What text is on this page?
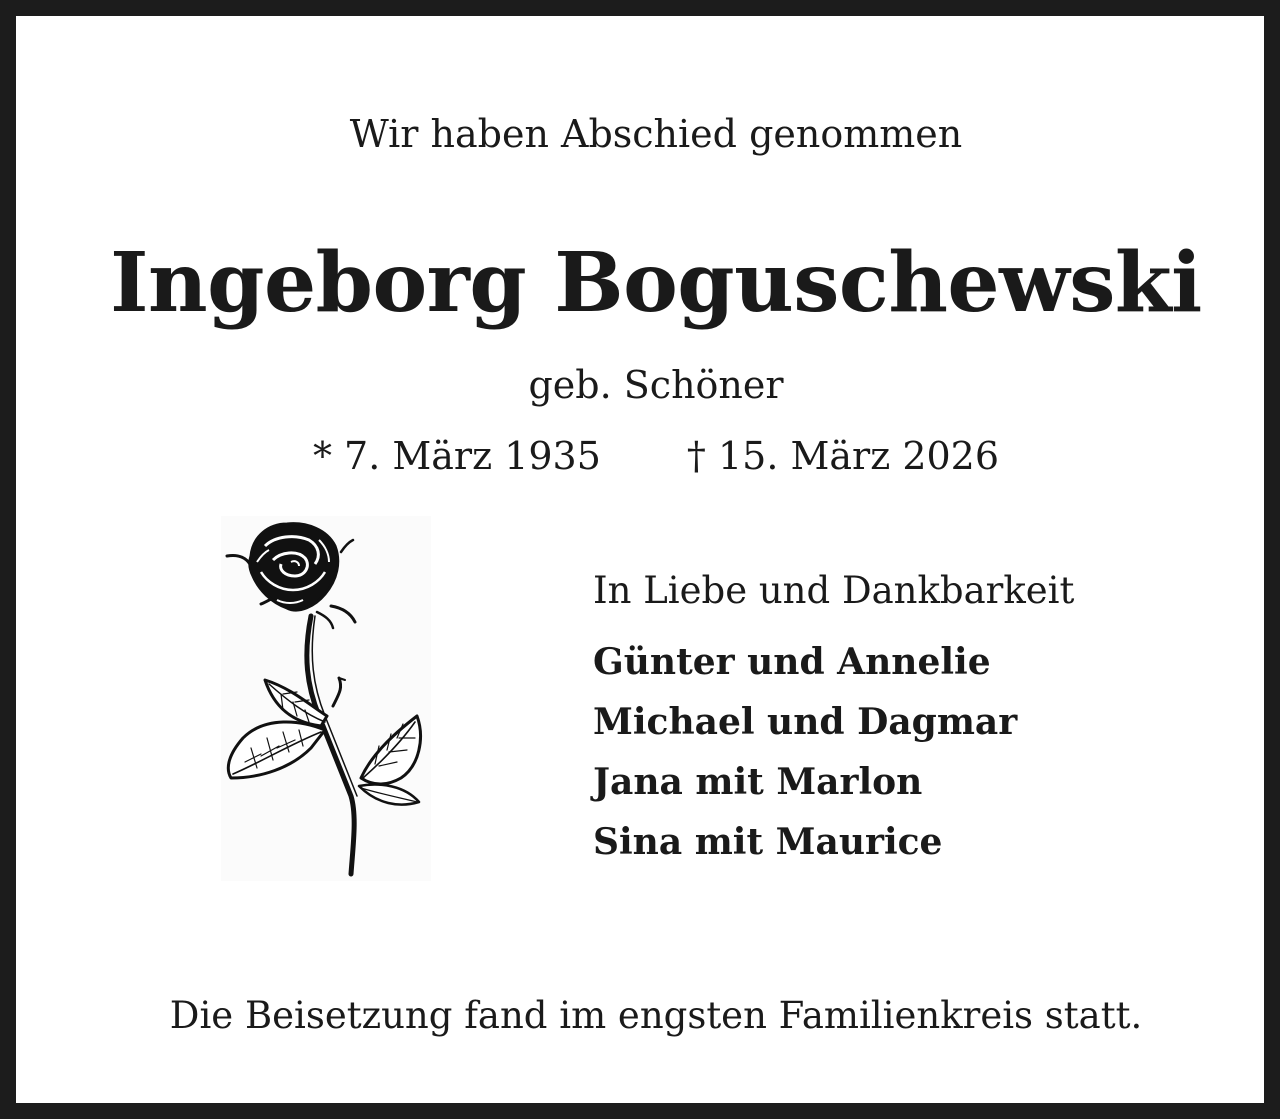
Wir haben Abschied genommen
Ingeborg Boguschewski
geb. Schöner
* 7. März 1935 † 15. März 2026
In Liebe und Dankbarkeit
Günter und Annelie
Michael und Dagmar
Jana mit Marlon
Sina mit Maurice
Die Beisetzung fand im engsten Familienkreis statt.
